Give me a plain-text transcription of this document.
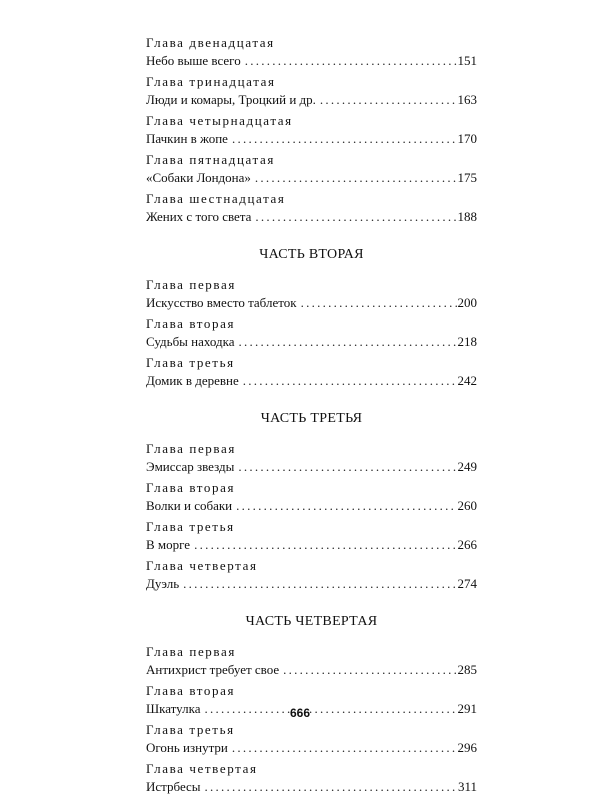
Глава двенадцатая
Небо выше всего . . .	151
Глава тринадцатая
Люди и комары, Троцкий и др. . . .	163
Глава четырнадцатая
Пачкин в жопе . . .	170
Глава пятнадцатая
«Собаки Лондона» . . .	175
Глава шестнадцатая
Жених с того света . . .	188
ЧАСТЬ ВТОРАЯ
Глава первая
Искусство вместо таблеток . . .	200
Глава вторая
Судьбы находка . . .	218
Глава третья
Домик в деревне . . .	242
ЧАСТЬ ТРЕТЬЯ
Глава первая
Эмиссар звезды . . .	249
Глава вторая
Волки и собаки . . .	260
Глава третья
В морге . . .	266
Глава четвертая
Дуэль . . .	274
ЧАСТЬ ЧЕТВЕРТАЯ
Глава первая
Антихрист требует свое . . .	285
Глава вторая
Шкатулка . . .	291
Глава третья
Огонь изнутри . . .	296
Глава четвертая
Истрбесы . . .	311
666
